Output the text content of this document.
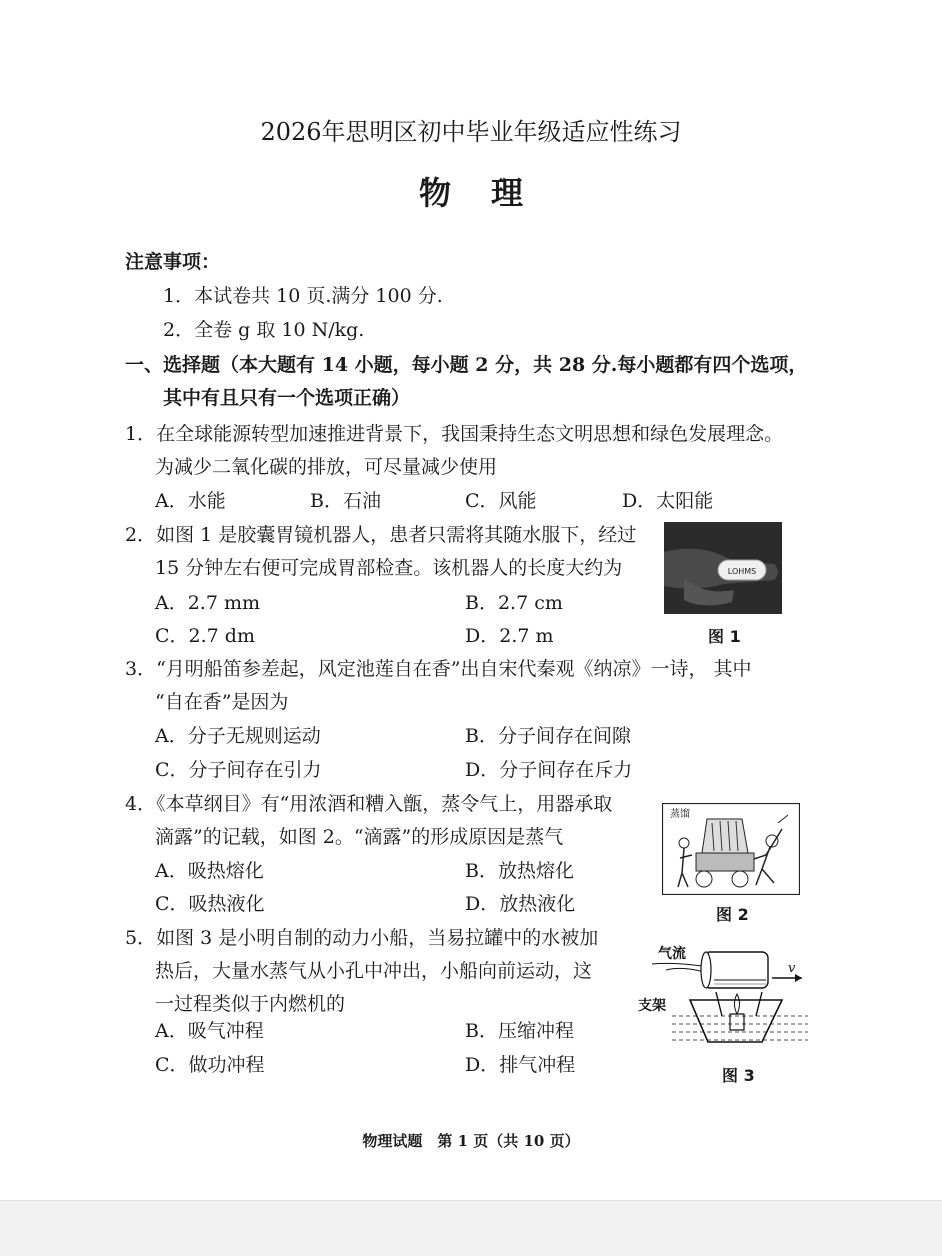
2026年思明区初中毕业年级适应性练习
物理
注意事项：
1．本试卷共 10 页.满分 100 分.
2．全卷 g 取 10 N/kg.
一、选择题（本大题有 14 小题，每小题 2 分，共 28 分.每小题都有四个选项，
其中有且只有一个选项正确）
1．在全球能源转型加速推进背景下，我国秉持生态文明思想和绿色发展理念。
为减少二氧化碳的排放，可尽量减少使用
A．水能	B．石油	C．风能	D．太阳能
2．如图 1 是胶囊胃镜机器人，患者只需将其随水服下，经过
15 分钟左右便可完成胃部检查。该机器人的长度大约为
A．2.7 mm	B．2.7 cm
C．2.7 dm	D．2.7 m
LOHMS
图 1
3．“月明船笛参差起，风定池莲自在香”出自宋代秦观《纳凉》一诗， 其中
“自在香”是因为
A．分子无规则运动	B．分子间存在间隙
C．分子间存在引力	D．分子间存在斥力
4．《本草纲目》有“用浓酒和糟入甑，蒸令气上，用器承取
滴露”的记载，如图 2。“滴露”的形成原因是蒸气
A．吸热熔化	B．放热熔化
C．吸热液化	D．放热液化
蒸馏
图 2
5．如图 3 是小明自制的动力小船，当易拉罐中的水被加
热后，大量水蒸气从小孔中冲出，小船向前运动，这
一过程类似于内燃机的
A．吸气冲程	B．压缩冲程
C．做功冲程	D．排气冲程
气流
支架
v
图 3
物理试题　第 1 页（共 10 页）
